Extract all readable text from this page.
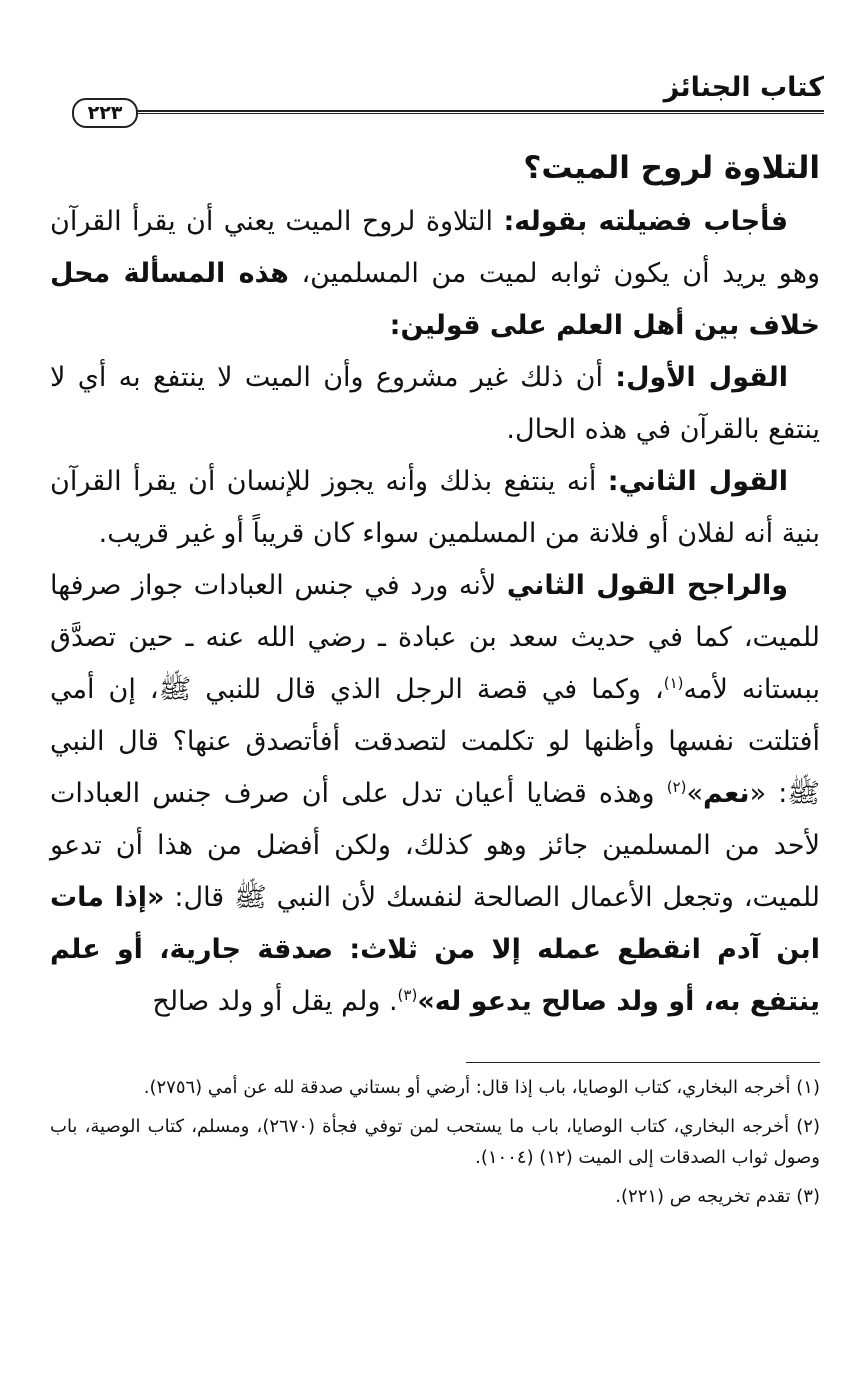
كتاب الجنائز
٢٢٣

التلاوة لروح الميت؟

فأجاب فضيلته بقوله: التلاوة لروح الميت يعني أن يقرأ القرآن وهو يريد أن يكون ثوابه لميت من المسلمين، هذه المسألة محل خلاف بين أهل العلم على قولين:

القول الأول: أن ذلك غير مشروع وأن الميت لا ينتفع به أي لا ينتفع بالقرآن في هذه الحال.

القول الثاني: أنه ينتفع بذلك وأنه يجوز للإنسان أن يقرأ القرآن بنية أنه لفلان أو فلانة من المسلمين سواء كان قريباً أو غير قريب.

والراجح القول الثاني لأنه ورد في جنس العبادات جواز صرفها للميت، كما في حديث سعد بن عبادة ـ رضي الله عنه ـ حين تصدَّق ببستانه لأمه$^{(١)}$، وكما في قصة الرجل الذي قال للنبي ﷺ، إن أمي أفتلتت نفسها وأظنها لو تكلمت لتصدقت أفأتصدق عنها؟ قال النبي ﷺ: «نعم»$^{(٢)}$ وهذه قضايا أعيان تدل على أن صرف جنس العبادات لأحد من المسلمين جائز وهو كذلك، ولكن أفضل من هذا أن تدعو للميت، وتجعل الأعمال الصالحة لنفسك لأن النبي ﷺ قال: «إذا مات ابن آدم انقطع عمله إلا من ثلاث: صدقة جارية، أو علم ينتفع به، أو ولد صالح يدعو له»$^{(٣)}$. ولم يقل أو ولد صالح

(١) أخرجه البخاري، كتاب الوصايا، باب إذا قال: أرضي أو بستاني صدقة لله عن أمي (٢٧٥٦).

(٢) أخرجه البخاري، كتاب الوصايا، باب ما يستحب لمن توفي فجأة (٢٦٧٠)، ومسلم، كتاب الوصية، باب وصول ثواب الصدقات إلى الميت (١٢) (١٠٠٤).

(٣) تقدم تخريجه ص (٢٢١).
